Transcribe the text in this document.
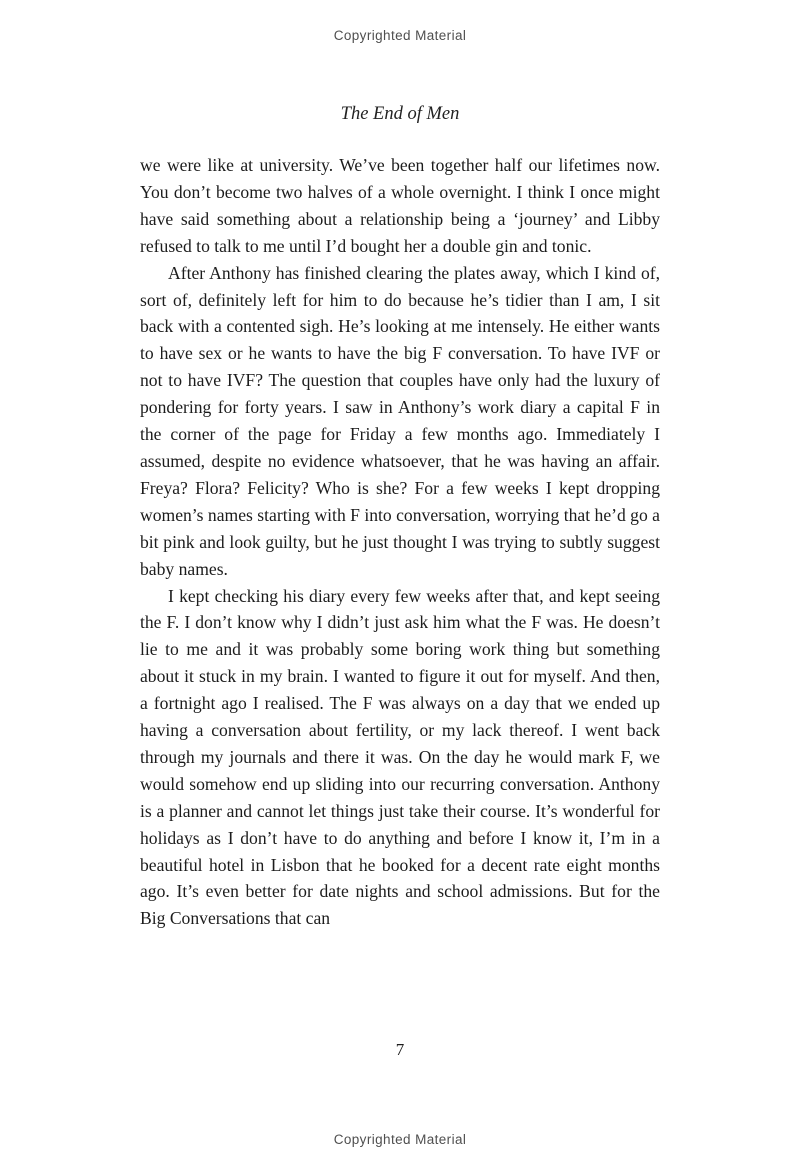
Copyrighted Material
The End of Men

we were like at university. We’ve been together half our lifetimes now. You don’t become two halves of a whole overnight. I think I once might have said something about a relationship being a ‘journey’ and Libby refused to talk to me until I’d bought her a double gin and tonic.

After Anthony has finished clearing the plates away, which I kind of, sort of, definitely left for him to do because he’s tidier than I am, I sit back with a contented sigh. He’s looking at me intensely. He either wants to have sex or he wants to have the big F conversation. To have IVF or not to have IVF? The question that couples have only had the luxury of pondering for forty years. I saw in Anthony’s work diary a capital F in the corner of the page for Friday a few months ago. Immediately I assumed, despite no evidence whatsoever, that he was having an affair. Freya? Flora? Felicity? Who is she? For a few weeks I kept dropping women’s names starting with F into conversation, worrying that he’d go a bit pink and look guilty, but he just thought I was trying to subtly suggest baby names.

I kept checking his diary every few weeks after that, and kept seeing the F. I don’t know why I didn’t just ask him what the F was. He doesn’t lie to me and it was probably some boring work thing but something about it stuck in my brain. I wanted to figure it out for myself. And then, a fortnight ago I realised. The F was always on a day that we ended up having a conversation about fertility, or my lack thereof. I went back through my journals and there it was. On the day he would mark F, we would somehow end up sliding into our recurring conversation. Anthony is a planner and cannot let things just take their course. It’s wonderful for holidays as I don’t have to do anything and before I know it, I’m in a beautiful hotel in Lisbon that he booked for a decent rate eight months ago. It’s even better for date nights and school admissions. But for the Big Conversations that can

7
Copyrighted Material
